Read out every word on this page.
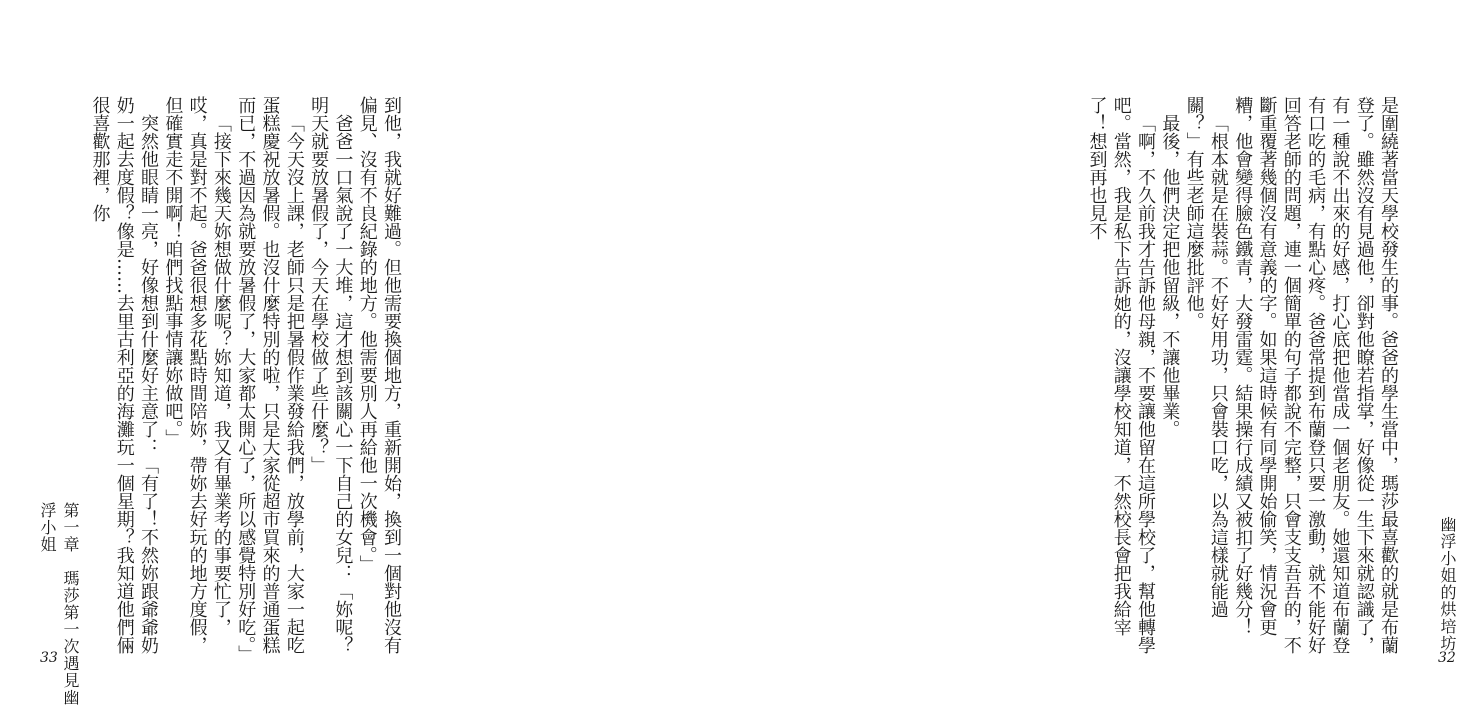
幽浮小姐的烘培坊

是圍繞著當天學校發生的事。爸爸的學生當中，瑪莎最喜歡的就是布蘭登了。雖然沒有見過他，卻對他瞭若指掌，好像從一生下來就認識了，有一種說不出來的好感，打心底把他當成一個老朋友。她還知道布蘭登有口吃的毛病，有點心疼。爸爸常提到布蘭登只要一激動，就不能好好回答老師的問題，連一個簡單的句子都說不完整，只會支支吾吾的，不斷重覆著幾個沒有意義的字。如果這時候有同學開始偷笑，情況會更糟，他會變得臉色鐵青，大發雷霆。結果操行成績又被扣了好幾分！

「根本就是在裝蒜。不好好用功，只會裝口吃，以為這樣就能過關？」有些老師這麼批評他。

最後，他們決定把他留級，不讓他畢業。

「啊，不久前我才告訴他母親，不要讓他留在這所學校了，幫他轉學吧。當然，我是私下告訴她的，沒讓學校知道，不然校長會把我給宰了！想到再也見不

32

第一章　瑪莎第一次遇見幽浮小姐	到他，我就好難過。但他需要換個地方，重新開始，換到一個對他沒有偏見、沒有不良紀錄的地方。他需要別人再給他一次機會。」

爸爸一口氣說了一大堆，這才想到該關心一下自己的女兒：「妳呢？明天就要放暑假了，今天在學校做了些什麼？」

「今天沒上課，老師只是把暑假作業發給我們，放學前，大家一起吃蛋糕慶祝放暑假。也沒什麼特別的啦，只是大家從超市買來的普通蛋糕而已，不過因為就要放暑假了，大家都太開心了，所以感覺特別好吃。」

「接下來幾天妳想做什麼呢？妳知道，我又有畢業考的事要忙了，哎，真是對不起。爸爸很想多花點時間陪妳，帶妳去好玩的地方度假，但確實走不開啊！咱們找點事情讓妳做吧。」

突然他眼睛一亮，好像想到什麼好主意了：「有了！不然妳跟爺爺奶奶一起去度假？像是……去里古利亞的海灘玩一個星期？我知道他們倆很喜歡那裡，你

33
